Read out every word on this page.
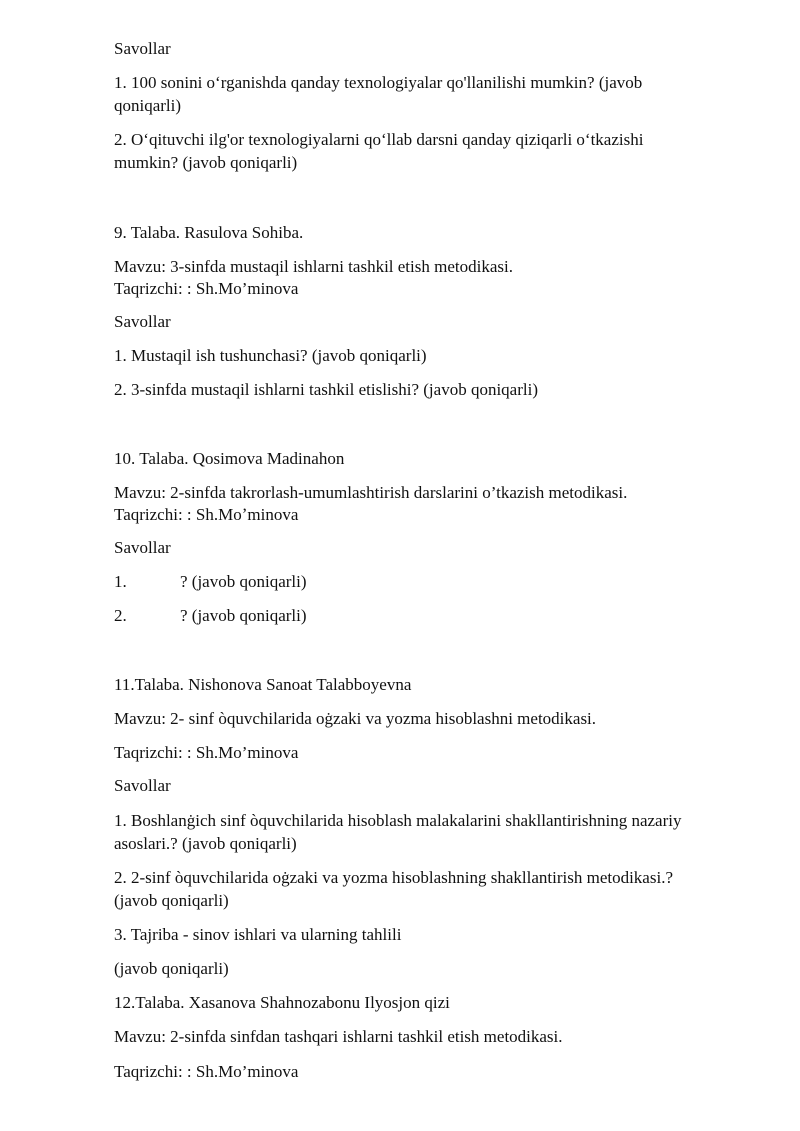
Savollar
1. 100 sonini o‘rganishda qanday texnologiyalar qo'llanilishi mumkin? (javob
qoniqarli)
2. O‘qituvchi ilg'or texnologiyalarni qo‘llab darsni qanday qiziqarli o‘tkazishi
mumkin? (javob qoniqarli)
9. Talaba. Rasulova Sohiba.
Mavzu: 3-sinfda mustaqil ishlarni tashkil etish metodikasi.
Taqrizchi: : Sh.Mo’minova
Savollar
1. Mustaqil ish tushunchasi? (javob qoniqarli)
2. 3-sinfda mustaqil ishlarni tashkil etislishi? (javob qoniqarli)
10. Talaba. Qosimova Madinahon
Mavzu: 2-sinfda takrorlash-umumlashtirish darslarini o’tkazish metodikasi.
Taqrizchi: : Sh.Moʼminova
Savollar
1.	? (javob qoniqarli)
2.	? (javob qoniqarli)
11.Talaba. Nishonova Sanoat Talabboyevna
Mavzu: 2- sinf òquvchilarida oġzaki va yozma hisoblashni metodikasi.
Taqrizchi: : Sh.Mo’minova
Savollar
1. Boshlanġich sinf òquvchilarida hisoblash malakalarini shakllantirishning nazariy
asoslari.? (javob qoniqarli)
2. 2-sinf òquvchilarida oġzaki va yozma hisoblashning shakllantirish metodikasi.?
(javob qoniqarli)
3. Tajriba - sinov ishlari va ularning tahlili
(javob qoniqarli)
12.Talaba. Xasanova Shahnozabonu Ilyosjon qizi
Mavzu: 2-sinfda sinfdan tashqari ishlarni tashkil etish metodikasi.
Taqrizchi: : Sh.Mo’minova
